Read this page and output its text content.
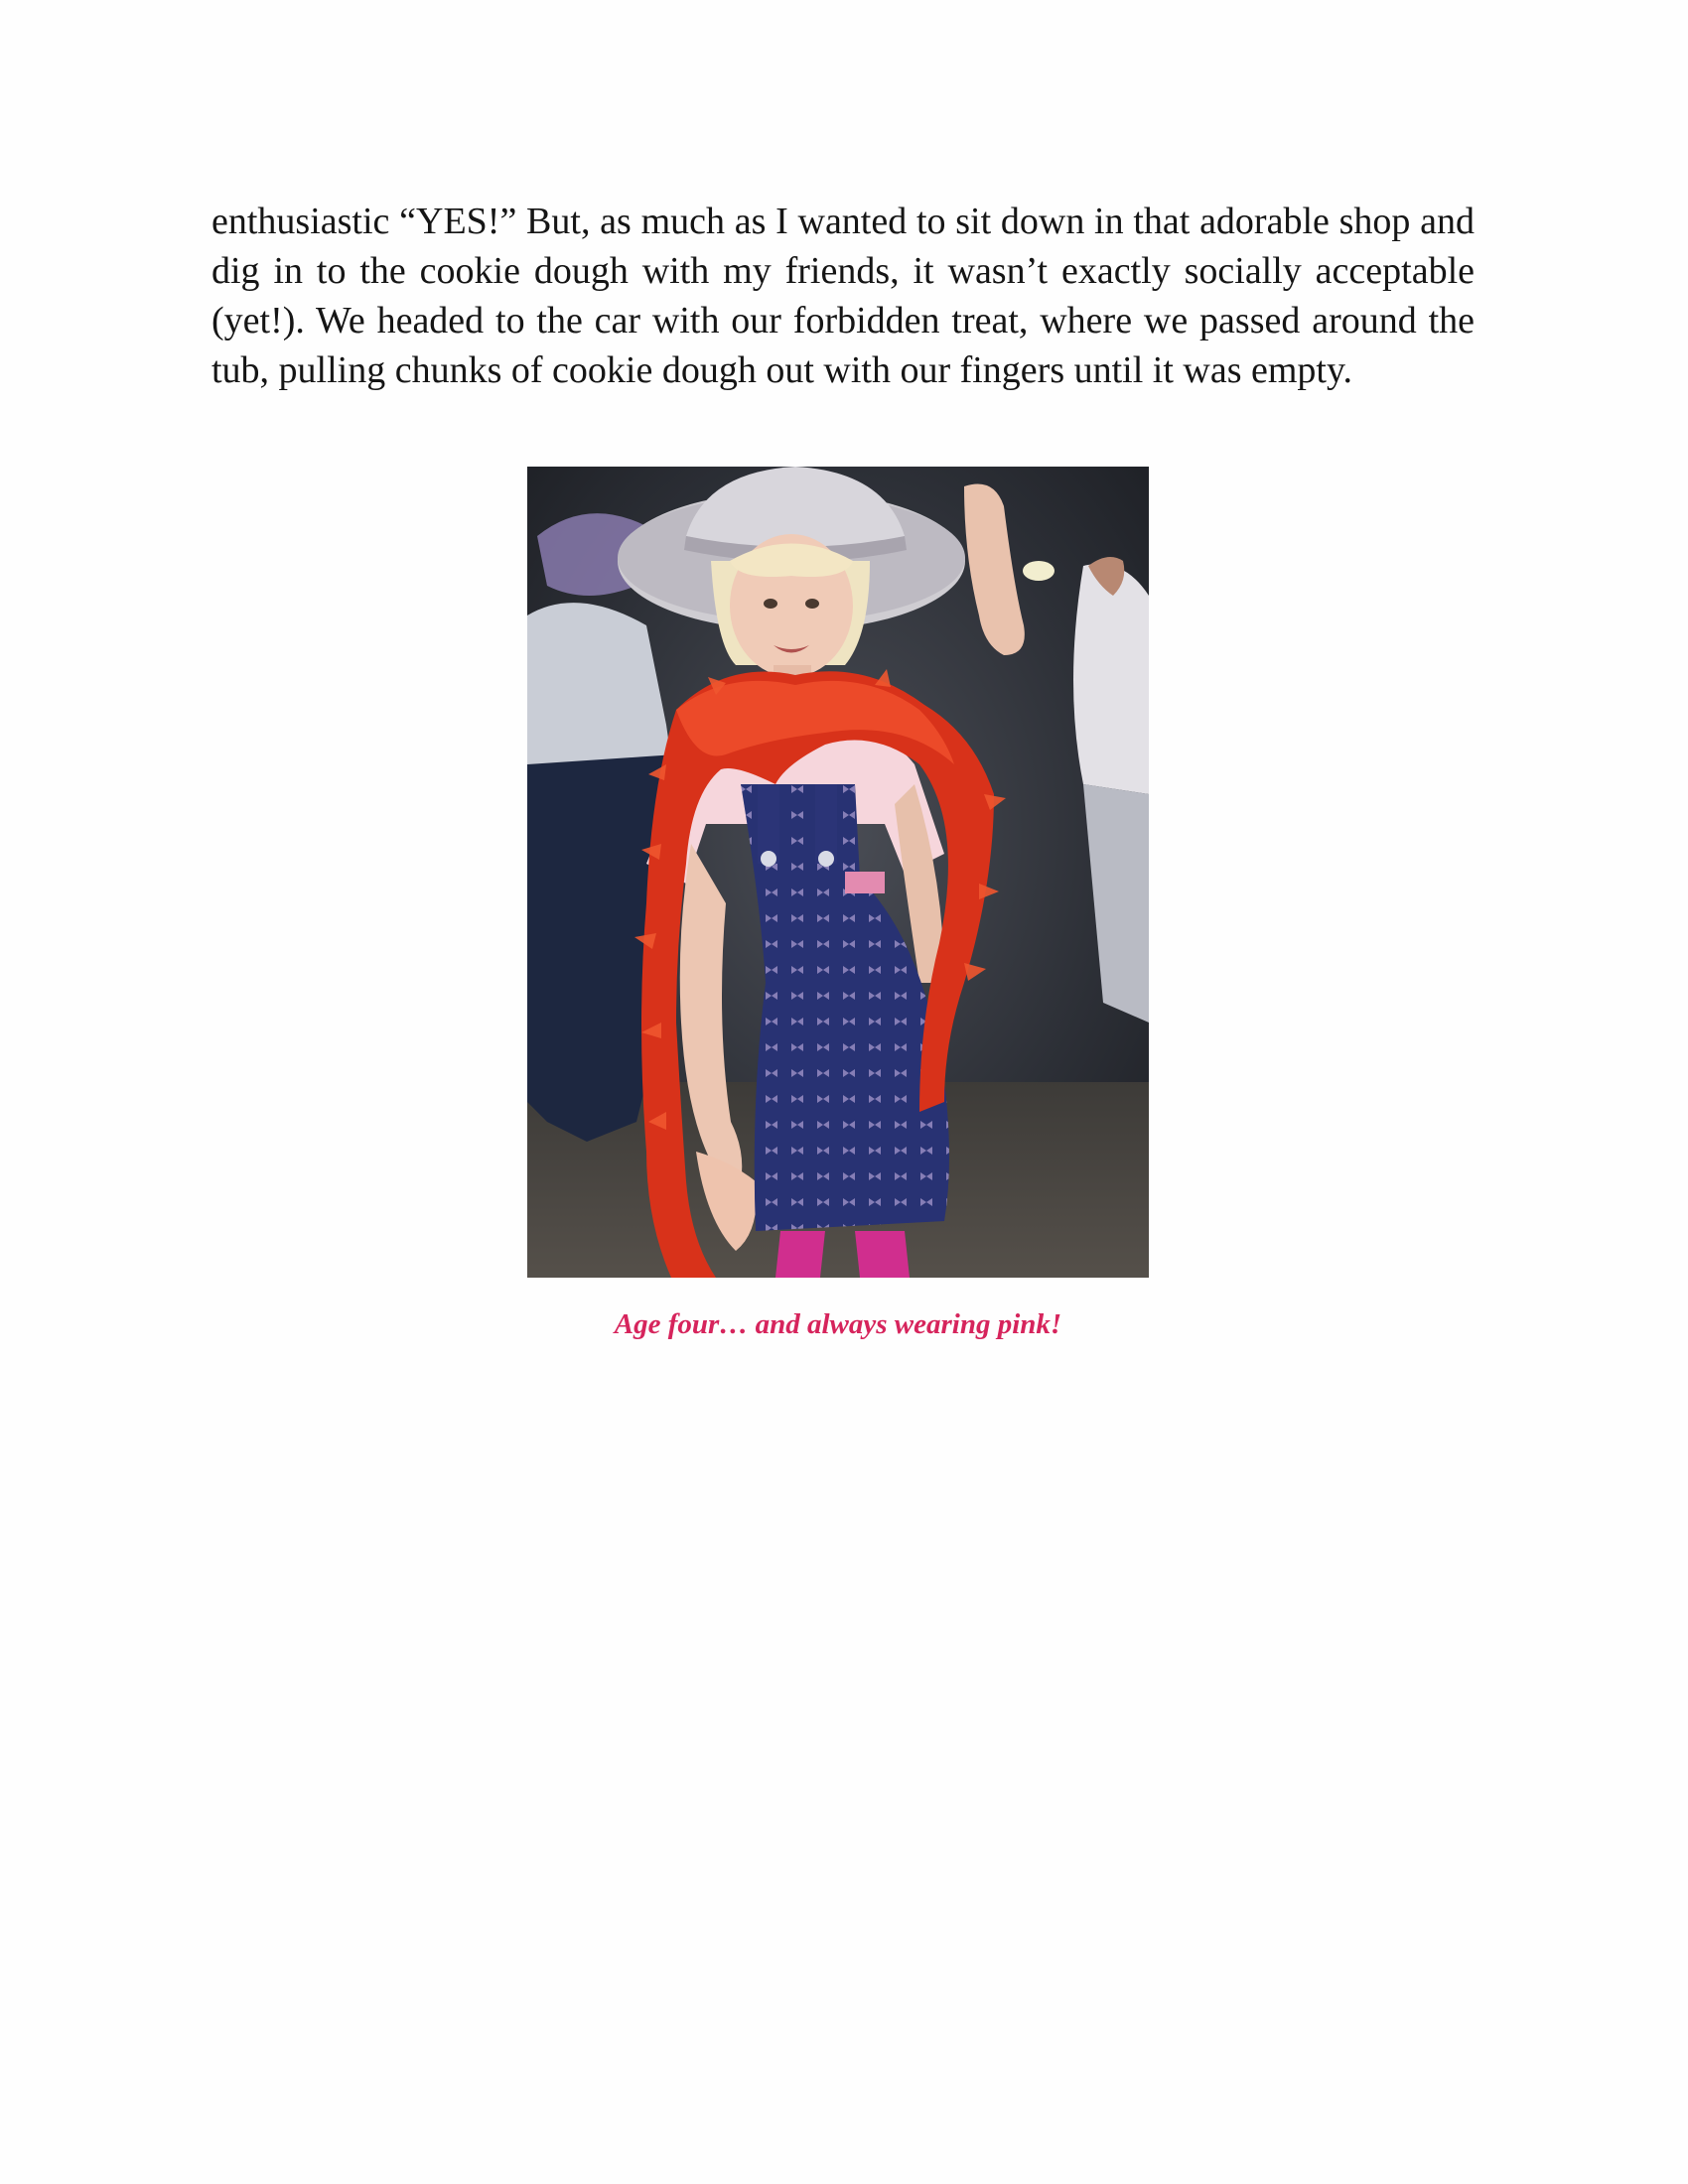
enthusiastic “YES!” But, as much as I wanted to sit down in that adorable shop and dig in to the cookie dough with my friends, it wasn’t exactly socially acceptable (yet!). We headed to the car with our forbidden treat, where we passed around the tub, pulling chunks of cookie dough out with our fingers until it was empty.

Age four… and always wearing pink!
